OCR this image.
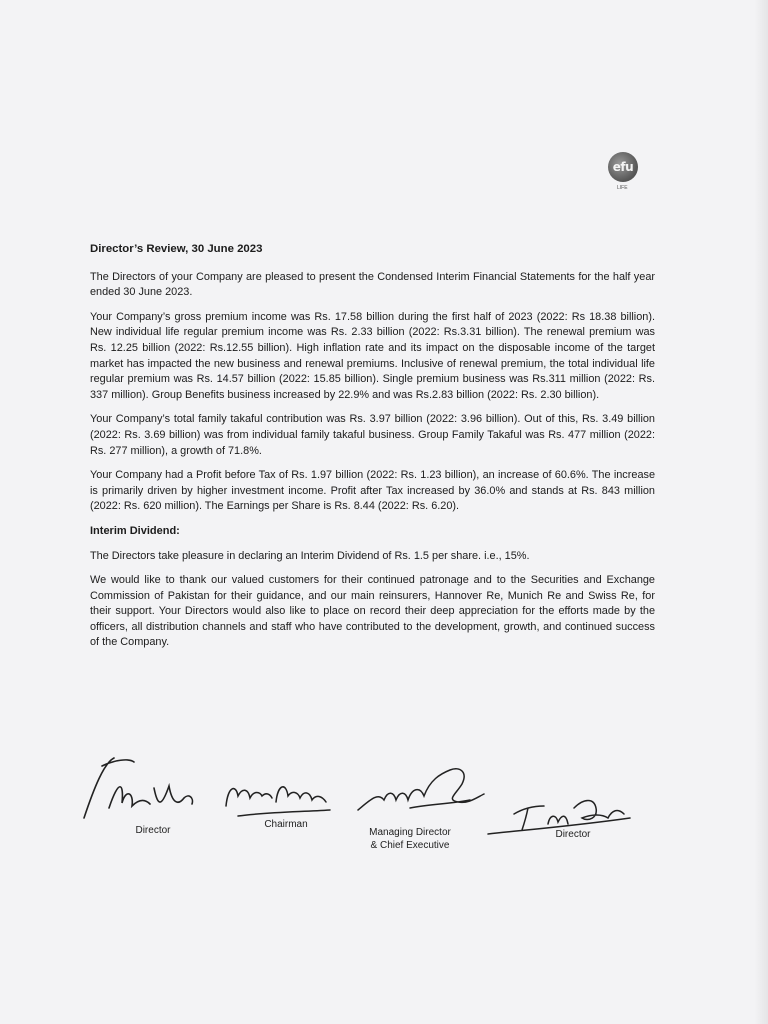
efu
LIFE
Director’s Review, 30 June 2023

The Directors of your Company are pleased to present the Condensed Interim Financial Statements for the half year ended 30 June 2023.

Your Company’s gross premium income was Rs. 17.58 billion during the first half of 2023 (2022: Rs 18.38 billion). New individual life regular premium income was Rs. 2.33 billion (2022: Rs.3.31 billion). The renewal premium was Rs. 12.25 billion (2022: Rs.12.55 billion). High inflation rate and its impact on the disposable income of the target market has impacted the new business and renewal premiums. Inclusive of renewal premium, the total individual life regular premium was Rs. 14.57 billion (2022: 15.85 billion). Single premium business was Rs.311 million (2022: Rs. 337 million). Group Benefits business increased by 22.9% and was Rs.2.83 billion (2022: Rs. 2.30 billion).

Your Company’s total family takaful contribution was Rs. 3.97 billion (2022: 3.96 billion). Out of this, Rs. 3.49 billion (2022: Rs. 3.69 billion) was from individual family takaful business. Group Family Takaful was Rs. 477 million (2022: Rs. 277 million), a growth of 71.8%.

Your Company had a Profit before Tax of Rs. 1.97 billion (2022: Rs. 1.23 billion), an increase of 60.6%. The increase is primarily driven by higher investment income. Profit after Tax increased by 36.0% and stands at Rs. 843 million (2022: Rs. 620 million). The Earnings per Share is Rs. 8.44 (2022: Rs. 6.20).

Interim Dividend:

The Directors take pleasure in declaring an Interim Dividend of Rs. 1.5 per share. i.e., 15%.

We would like to thank our valued customers for their continued patronage and to the Securities and Exchange Commission of Pakistan for their guidance, and our main reinsurers, Hannover Re, Munich Re and Swiss Re, for their support. Your Directors would also like to place on record their deep appreciation for the efforts made by the officers, all distribution channels and staff who have contributed to the development, growth, and continued success of the Company.

Director
Chairman
Managing Director
& Chief Executive
Director
